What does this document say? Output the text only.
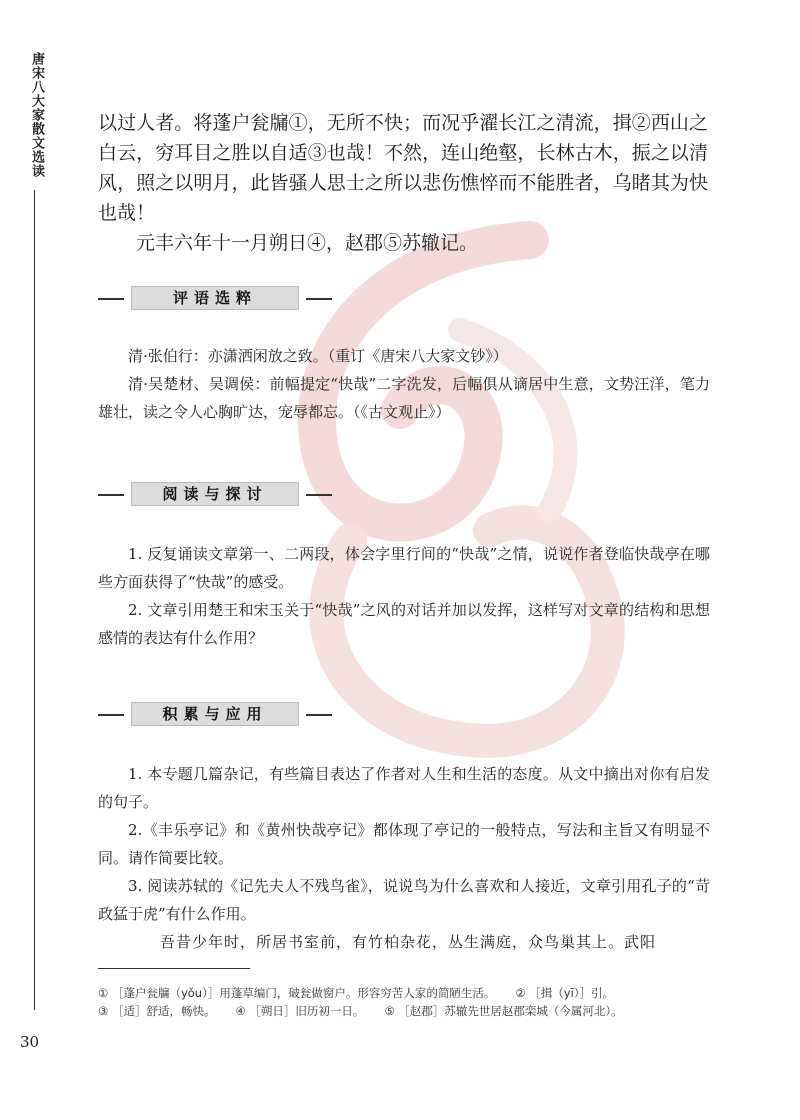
唐宋八大家散文选读
30

以过人者。将蓬户瓮牖①，无所不快；而况乎濯长江之清流，揖②西山之白云，穷耳目之胜以自适③也哉！不然，连山绝壑，长林古木，振之以清风，照之以明月，此皆骚人思士之所以悲伤憔悴而不能胜者，乌睹其为快也哉！

元丰六年十一月朔日④，赵郡⑤苏辙记。

评语选粹

清·张伯行：亦潇洒闲放之致。（重订《唐宋八大家文钞》）

清·吴楚材、吴调侯：前幅提定“快哉”二字洗发，后幅俱从谪居中生意，文势汪洋，笔力雄壮，读之令人心胸旷达，宠辱都忘。（《古文观止》）

阅读与探讨

1. 反复诵读文章第一、二两段，体会字里行间的“快哉”之情，说说作者登临快哉亭在哪些方面获得了“快哉”的感受。

2. 文章引用楚王和宋玉关于“快哉”之风的对话并加以发挥，这样写对文章的结构和思想感情的表达有什么作用？

积累与应用

1. 本专题几篇杂记，有些篇目表达了作者对人生和生活的态度。从文中摘出对你有启发的句子。

2.《丰乐亭记》和《黄州快哉亭记》都体现了亭记的一般特点，写法和主旨又有明显不同。请作简要比较。

3. 阅读苏轼的《记先夫人不残鸟雀》，说说鸟为什么喜欢和人接近，文章引用孔子的“苛政猛于虎”有什么作用。

吾昔少年时，所居书室前，有竹柏杂花，丛生满庭，众鸟巢其上。武阳
① ［蓬户瓮牖（yǒu）］用蓬草编门，破瓮做窗户。形容穷苦人家的简陋生活。 ② ［揖（yī）］引。
③ ［适］舒适，畅快。 ④ ［朔日］旧历初一日。 ⑤ ［赵郡］苏辙先世居赵郡栾城（今属河北）。
